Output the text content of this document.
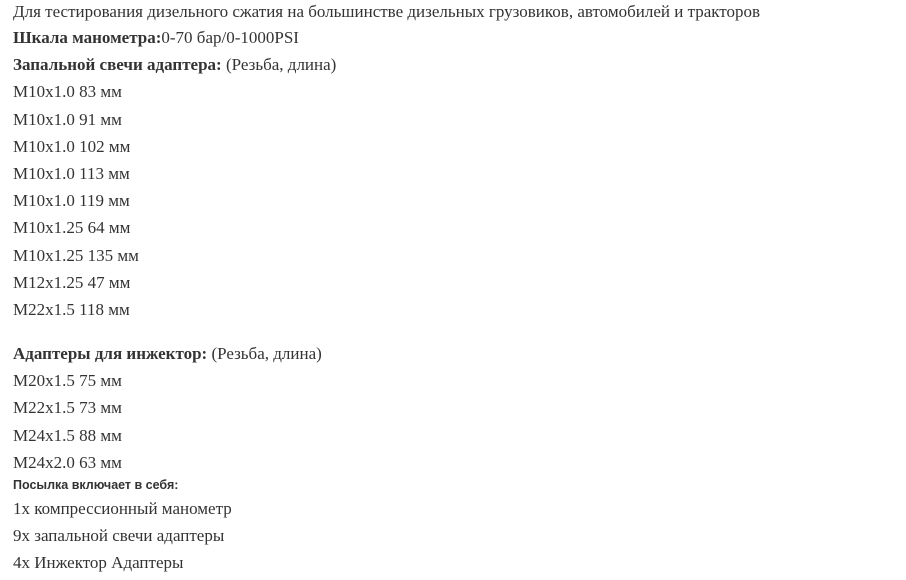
Для тестирования дизельного сжатия на большинстве дизельных грузовиков, автомобилей и тракторов
Шкала манометра:0-70 бар/0-1000PSI
Запальной свечи адаптера: (Резьба, длина)
M10x1.0 83 мм
M10x1.0 91 мм
M10x1.0 102 мм
M10x1.0 113 мм
M10x1.0 119 мм
M10x1.25 64 мм
M10x1.25 135 мм
M12x1.25 47 мм
M22x1.5 118 мм
Адаптеры для инжектор: (Резьба, длина)
M20x1.5 75 мм
M22x1.5 73 мм
M24x1.5 88 мм
M24x2.0 63 мм
Посылка включает в себя:
1x компрессионный манометр
9x запальной свечи адаптеры
4x Инжектор Адаптеры
